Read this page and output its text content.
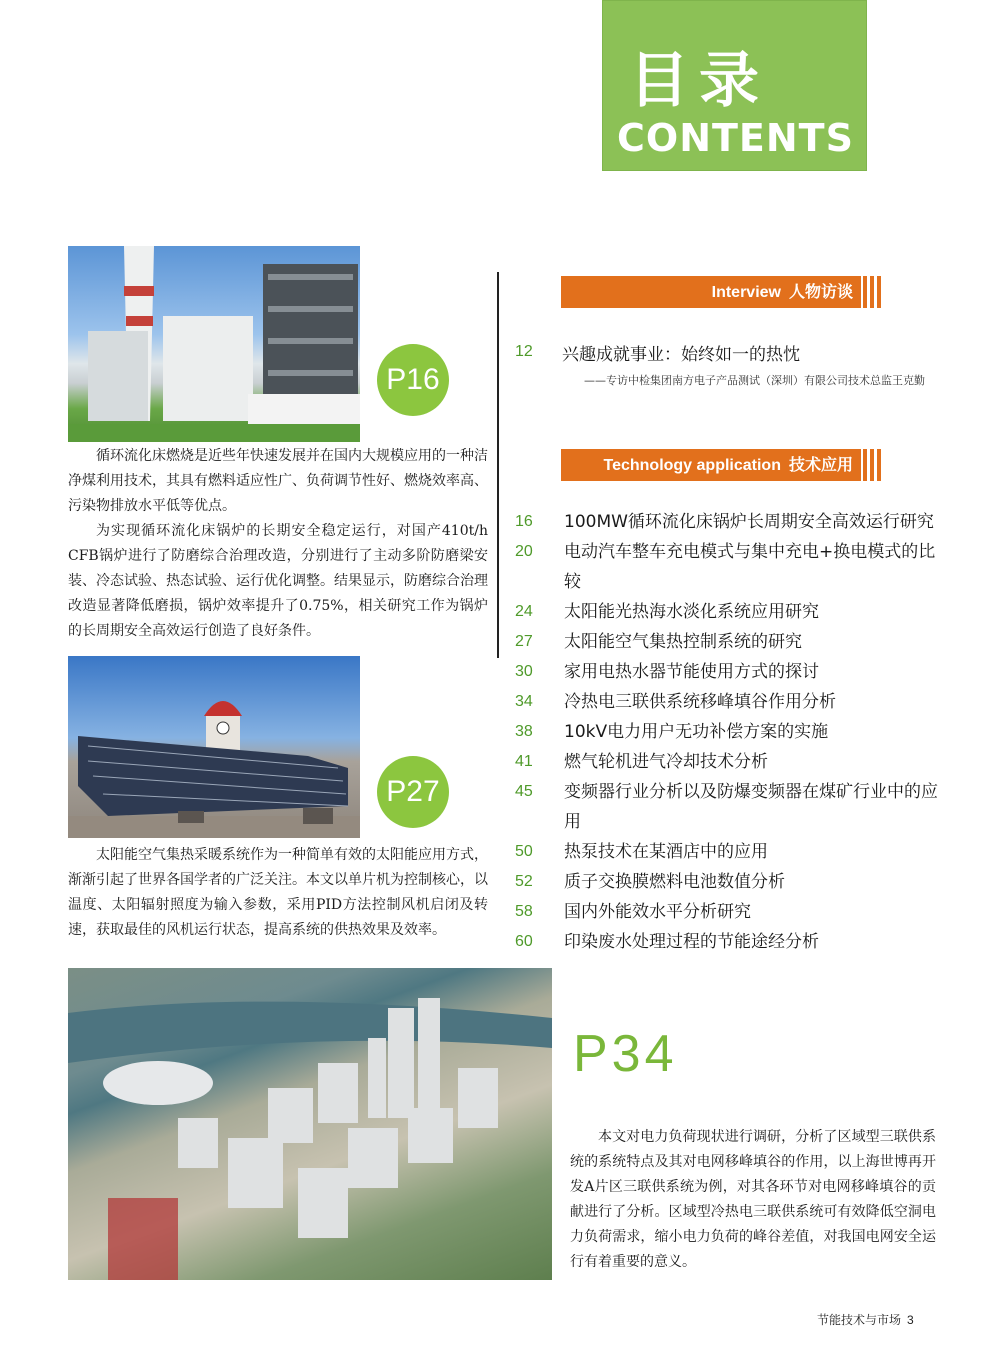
目录
CONTENTS
Interview 人物访谈
12 兴趣成就事业：始终如一的热忱
——专访中检集团南方电子产品测试（深圳）有限公司技术总监王克勤
Technology application 技术应用
16	100MW循环流化床锅炉长周期安全高效运行研究
20	电动汽车整车充电模式与集中充电+换电模式的比较
24	太阳能光热海水淡化系统应用研究
27	太阳能空气集热控制系统的研究
30	家用电热水器节能使用方式的探讨
34	冷热电三联供系统移峰填谷作用分析
38	10kV电力用户无功补偿方案的实施
41	燃气轮机进气冷却技术分析
45	变频器行业分析以及防爆变频器在煤矿行业中的应用
50	热泵技术在某酒店中的应用
52	质子交换膜燃料电池数值分析
58	国内外能效水平分析研究
60	印染废水处理过程的节能途经分析
P16

循环流化床燃烧是近些年快速发展并在国内大规模应用的一种洁净煤利用技术，其具有燃料适应性广、负荷调节性好、燃烧效率高、污染物排放水平低等优点。

为实现循环流化床锅炉的长期安全稳定运行，对国产410t/h CFB锅炉进行了防磨综合治理改造，分别进行了主动多阶防磨梁安装、冷态试验、热态试验、运行优化调整。结果显示，防磨综合治理改造显著降低磨损，锅炉效率提升了0.75%，相关研究工作为锅炉的长周期安全高效运行创造了良好条件。

P27

太阳能空气集热采暖系统作为一种简单有效的太阳能应用方式，渐渐引起了世界各国学者的广泛关注。本文以单片机为控制核心，以温度、太阳辐射照度为输入参数，采用PID方法控制风机启闭及转速，获取最佳的风机运行状态，提高系统的供热效果及效率。

P34

本文对电力负荷现状进行调研，分析了区域型三联供系统的系统特点及其对电网移峰填谷的作用，以上海世博再开发A片区三联供系统为例，对其各环节对电网移峰填谷的贡献进行了分析。区域型冷热电三联供系统可有效降低空洞电力负荷需求，缩小电力负荷的峰谷差值，对我国电网安全运行有着重要的意义。

节能技术与市场 3
